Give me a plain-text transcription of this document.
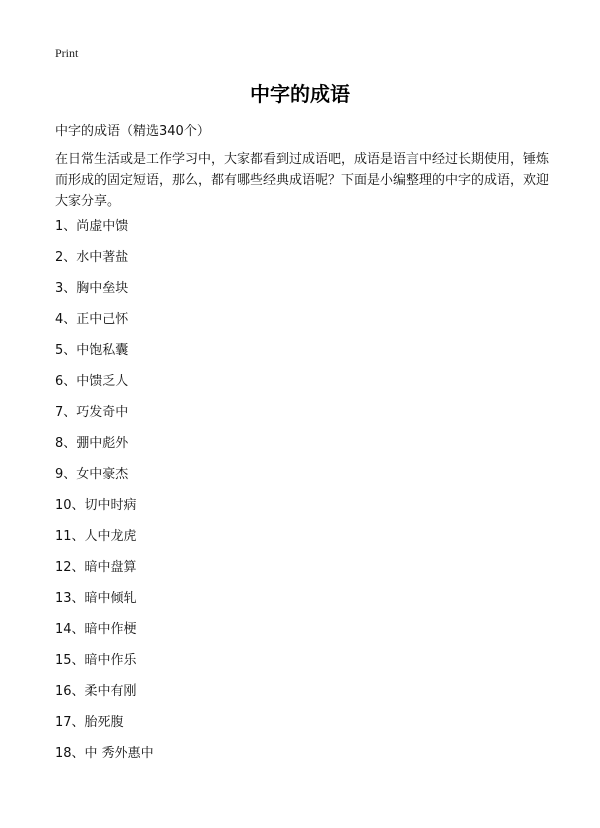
Print
中字的成语
中字的成语（精选340个）

在日常生活或是工作学习中，大家都看到过成语吧，成语是语言中经过长期使用，锤炼而形成的固定短语，那么，都有哪些经典成语呢？下面是小编整理的中字的成语，欢迎大家分享。

1、尚虚中馈
2、水中著盐
3、胸中垒块
4、正中己怀
5、中饱私囊
6、中馈乏人
7、巧发奇中
8、弸中彪外
9、女中豪杰
10、切中时病
11、人中龙虎
12、暗中盘算
13、暗中倾轧
14、暗中作梗
15、暗中作乐
16、柔中有刚
17、胎死腹
18、中 秀外惠中
